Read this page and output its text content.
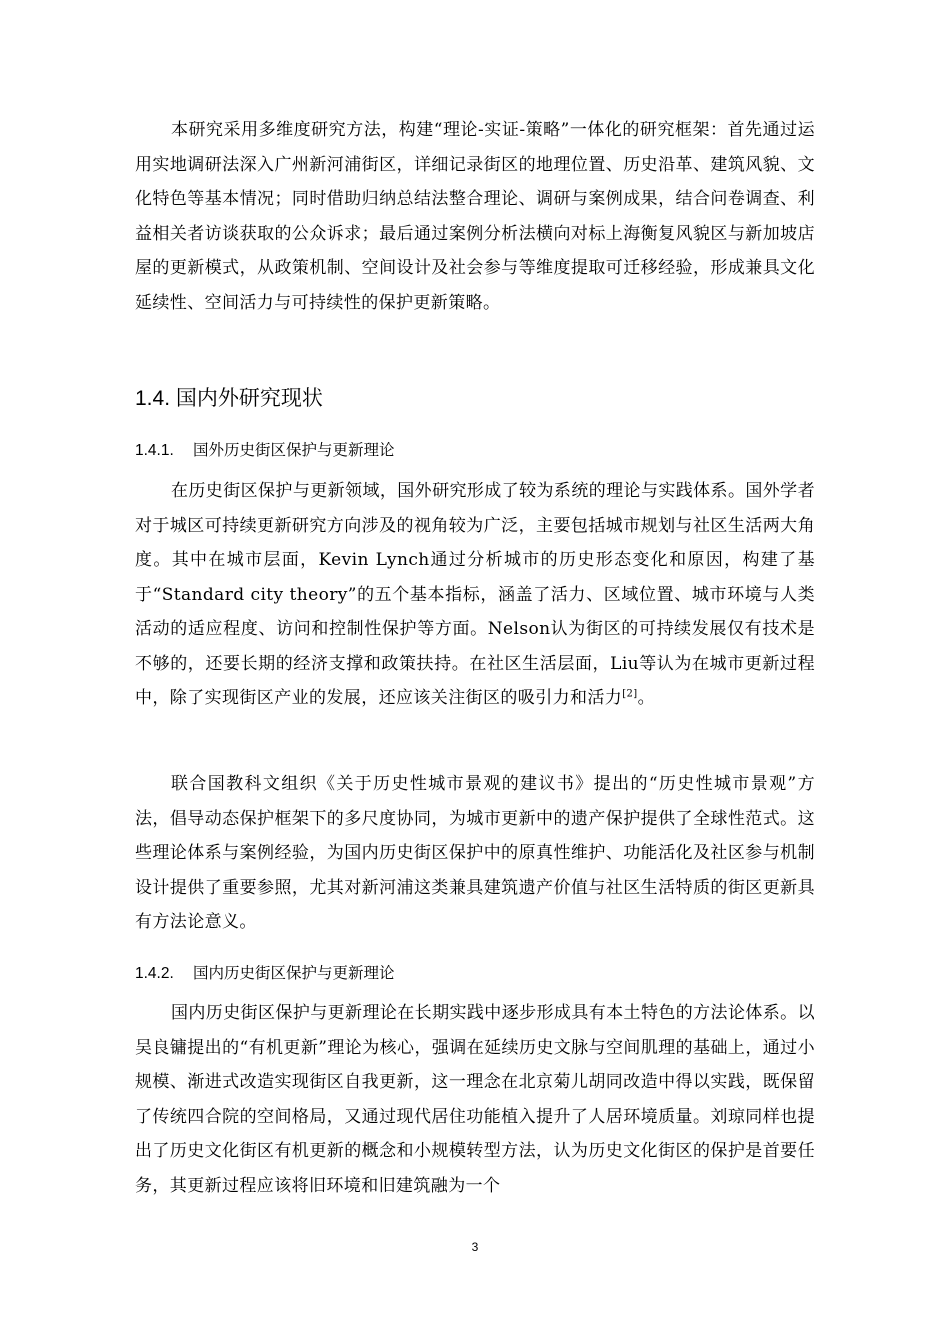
本研究采用多维度研究方法，构建“理论-实证-策略”一体化的研究框架：首先通过运用实地调研法深入广州新河浦街区，详细记录街区的地理位置、历史沿革、建筑风貌、文化特色等基本情况；同时借助归纳总结法整合理论、调研与案例成果，结合问卷调查、利益相关者访谈获取的公众诉求；最后通过案例分析法横向对标上海衡复风貌区与新加坡店屋的更新模式，从政策机制、空间设计及社会参与等维度提取可迁移经验，形成兼具文化延续性、空间活力与可持续性的保护更新策略。

1.4. 国内外研究现状
1.4.1. 国外历史街区保护与更新理论

在历史街区保护与更新领域，国外研究形成了较为系统的理论与实践体系。国外学者对于城区可持续更新研究方向涉及的视角较为广泛，主要包括城市规划与社区生活两大角度。其中在城市层面，Kevin Lynch通过分析城市的历史形态变化和原因，构建了基于“Standard city theory”的五个基本指标，涵盖了活力、区域位置、城市环境与人类活动的适应程度、访问和控制性保护等方面。Nelson认为街区的可持续发展仅有技术是不够的，还要长期的经济支撑和政策扶持。在社区生活层面，Liu等认为在城市更新过程中，除了实现街区产业的发展，还应该关注街区的吸引力和活力[2]。

联合国教科文组织《关于历史性城市景观的建议书》提出的“历史性城市景观”方法，倡导动态保护框架下的多尺度协同，为城市更新中的遗产保护提供了全球性范式。这些理论体系与案例经验，为国内历史街区保护中的原真性维护、功能活化及社区参与机制设计提供了重要参照，尤其对新河浦这类兼具建筑遗产价值与社区生活特质的街区更新具有方法论意义。

1.4.2. 国内历史街区保护与更新理论

国内历史街区保护与更新理论在长期实践中逐步形成具有本土特色的方法论体系。以吴良镛提出的“有机更新”理论为核心，强调在延续历史文脉与空间肌理的基础上，通过小规模、渐进式改造实现街区自我更新，这一理念在北京菊儿胡同改造中得以实践，既保留了传统四合院的空间格局，又通过现代居住功能植入提升了人居环境质量。刘琼同样也提出了历史文化街区有机更新的概念和小规模转型方法，认为历史文化街区的保护是首要任务，其更新过程应该将旧环境和旧建筑融为一个

3
